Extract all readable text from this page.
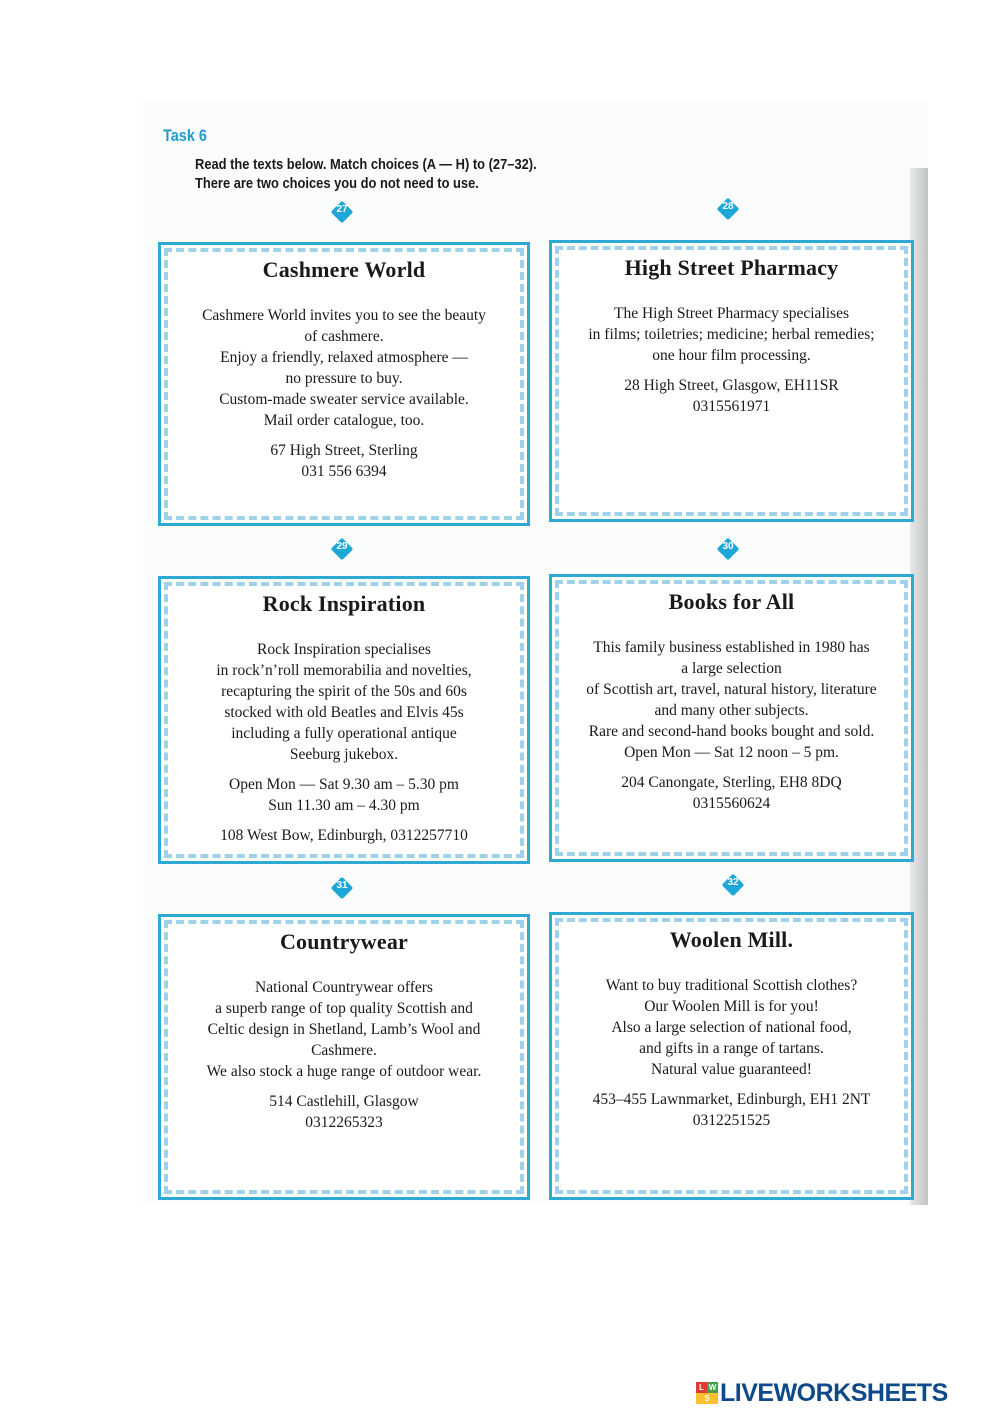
Task 6
Read the texts below. Match choices (A — H) to (27–32).
There are two choices you do not need to use.
27	28
29	30
31	32
Cashmere World
Cashmere World invites you to see the beauty
of cashmere.
Enjoy a friendly, relaxed atmosphere —
no pressure to buy.
Custom-made sweater service available.
Mail order catalogue, too.
67 High Street, Sterling
031 556 6394
High Street Pharmacy
The High Street Pharmacy specialises
in films; toiletries; medicine; herbal remedies;
one hour film processing.
28 High Street, Glasgow, EH11SR
0315561971
Rock Inspiration
Rock Inspiration specialises
in rock’n’roll memorabilia and novelties,
recapturing the spirit of the 50s and 60s
stocked with old Beatles and Elvis 45s
including a fully operational antique
Seeburg jukebox.
Open Mon — Sat 9.30 am – 5.30 pm
Sun 11.30 am – 4.30 pm
108 West Bow, Edinburgh, 0312257710
Books for All
This family business established in 1980 has
a large selection
of Scottish art, travel, natural history, literature
and many other subjects.
Rare and second-hand books bought and sold.
Open Mon — Sat 12 noon – 5 pm.
204 Canongate, Sterling, EH8 8DQ
0315560624
Countrywear
National Countrywear offers
a superb range of top quality Scottish and
Celtic design in Shetland, Lamb’s Wool and
Cashmere.
We also stock a huge range of outdoor wear.
514 Castlehill, Glasgow
0312265323
Woolen Mill.
Want to buy traditional Scottish clothes?
Our Woolen Mill is for you!
Also a large selection of national food,
and gifts in a range of tartans.
Natural value guaranteed!
453–455 Lawnmarket, Edinburgh, EH1 2NT
0312251525
L W
S LIVEWORKSHEETS
